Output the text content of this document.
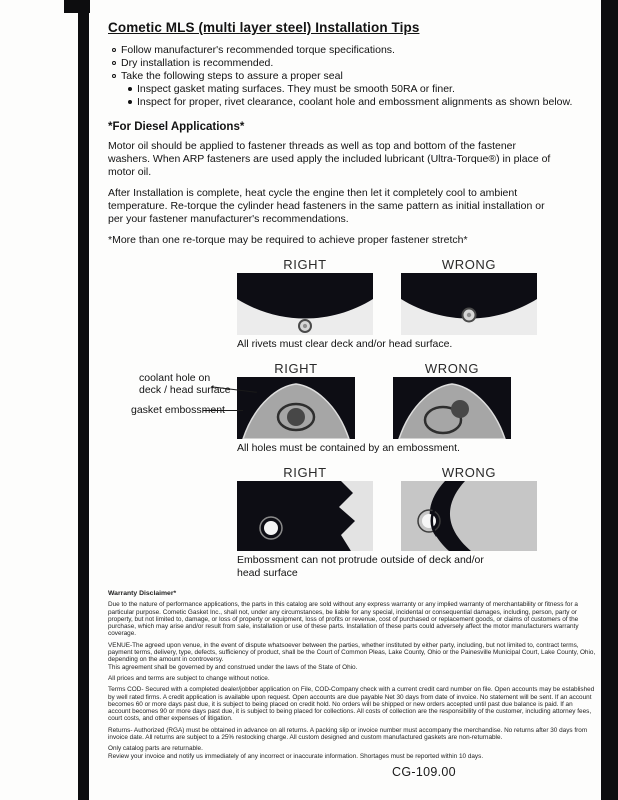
Cometic MLS (multi layer steel) Installation Tips
Follow manufacturer's recommended torque specifications.
Dry installation is recommended.
Take the following steps to assure a proper seal
Inspect gasket mating surfaces. They must be smooth 50RA or finer.
Inspect for proper, rivet clearance, coolant hole and embossment alignments as shown below.
*For Diesel Applications*
Motor oil should be applied to fastener threads as well as top and bottom of the fastener washers. When ARP fasteners are used apply the included lubricant (Ultra-Torque®) in place of motor oil.
After Installation is complete, heat cycle the engine then let it completely cool to ambient temperature. Re-torque the cylinder head fasteners in the same pattern as initial installation or per your fastener manufacturer's recommendations.
*More than one re-torque may be required to achieve proper fastener stretch*
RIGHT	WRONG
All rivets must clear deck and/or head surface.
coolant hole on
deck / head surface
gasket embossment
RIGHT	WRONG
All holes must be contained by an embossment.
RIGHT	WRONG
Embossment can not protrude outside of deck and/or head surface
Warranty Disclaimer*
Due to the nature of performance applications, the parts in this catalog are sold without any express warranty or any implied warranty of merchantability or fitness for a particular purpose. Cometic Gasket Inc., shall not, under any circumstances, be liable for any special, incidental or consequential damages, including, person, party or property, but not limited to, damage, or loss of property or equipment, loss of profits or revenue, cost of purchased or replacement goods, or claims of customers of the purchase, which may arise and/or result from sale, installation or use of these parts. Installation of these parts could adversely affect the motor manufacturers warranty coverage.
VENUE-The agreed upon venue, in the event of dispute whatsoever between the parties, whether instituted by either party, including, but not limited to, contract terms, payment terms, delivery, type, defects, sufficiency of product, shall be the Court of Common Pleas, Lake County, Ohio or the Painesville Municipal Court, Lake County, Ohio, depending on the amount in controversy.
This agreement shall be governed by and construed under the laws of the State of Ohio.
All prices and terms are subject to change without notice.
Terms COD- Secured with a completed dealer/jobber application on File, COD-Company check with a current credit card number on file. Open accounts may be established by well rated firms. A credit application is available upon request. Open accounts are due payable Net 30 days from date of invoice. No statement will be sent. If an account becomes 60 or more days past due, it is subject to being placed on credit hold. No orders will be shipped or new orders accepted until past due balance is paid. If an account becomes 90 or more days past due, it is subject to being placed for collections. All costs of collection are the responsibility of the customer, including attorney fees, court costs, and other expenses of litigation.
Returns- Authorized (RGA) must be obtained in advance on all returns. A packing slip or invoice number must accompany the merchandise. No returns after 30 days from invoice date. All returns are subject to a 25% restocking charge. All custom designed and custom manufactured gaskets are non-returnable.
Only catalog parts are returnable.
Review your invoice and notify us immediately of any incorrect or inaccurate information. Shortages must be reported within 10 days.
CG-109.00
